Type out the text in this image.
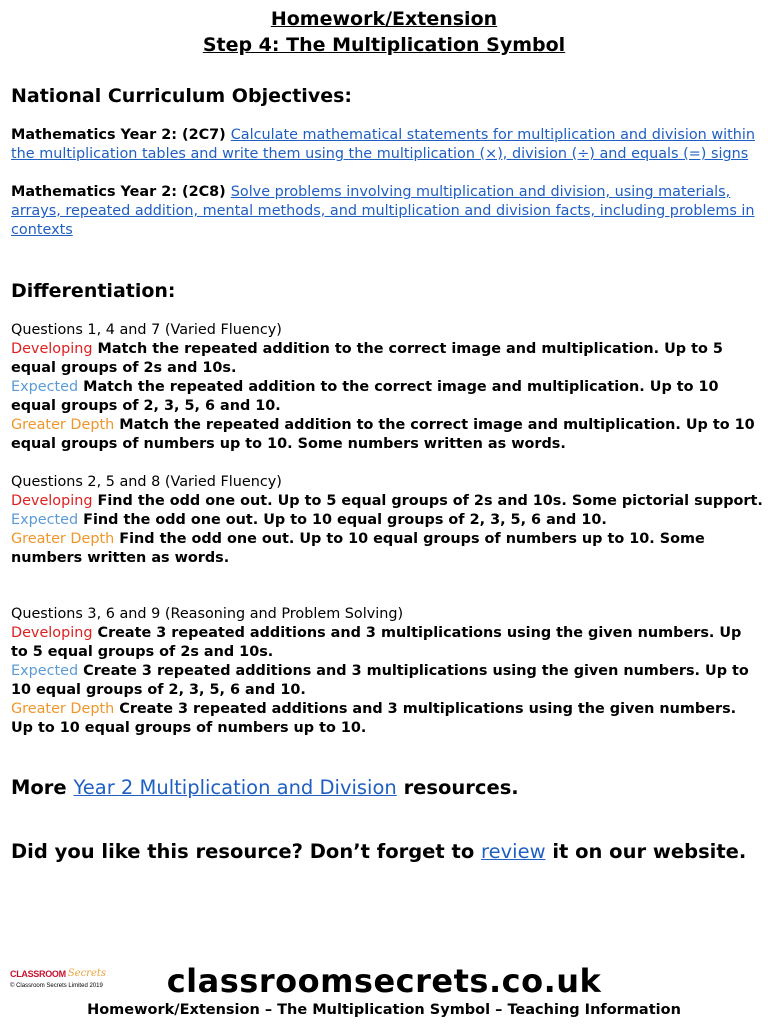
Homework/Extension
Step 4: The Multiplication Symbol
National Curriculum Objectives:
Mathematics Year 2: (2C7) Calculate mathematical statements for multiplication and division within the multiplication tables and write them using the multiplication (×), division (÷) and equals (=) signs
Mathematics Year 2: (2C8) Solve problems involving multiplication and division, using materials, arrays, repeated addition, mental methods, and multiplication and division facts, including problems in contexts
Differentiation:
Questions 1, 4 and 7 (Varied Fluency)
Developing Match the repeated addition to the correct image and multiplication. Up to 5 equal groups of 2s and 10s.
Expected Match the repeated addition to the correct image and multiplication. Up to 10 equal groups of 2, 3, 5, 6 and 10.
Greater Depth Match the repeated addition to the correct image and multiplication. Up to 10 equal groups of numbers up to 10. Some numbers written as words.
Questions 2, 5 and 8 (Varied Fluency)
Developing Find the odd one out. Up to 5 equal groups of 2s and 10s. Some pictorial support.
Expected Find the odd one out. Up to 10 equal groups of 2, 3, 5, 6 and 10.
Greater Depth Find the odd one out. Up to 10 equal groups of numbers up to 10. Some numbers written as words.
Questions 3, 6 and 9 (Reasoning and Problem Solving)
Developing Create 3 repeated additions and 3 multiplications using the given numbers. Up to 5 equal groups of 2s and 10s.
Expected Create 3 repeated additions and 3 multiplications using the given numbers. Up to 10 equal groups of 2, 3, 5, 6 and 10.
Greater Depth Create 3 repeated additions and 3 multiplications using the given numbers. Up to 10 equal groups of numbers up to 10.
More Year 2 Multiplication and Division resources.
Did you like this resource? Don’t forget to review it on our website.
CLASSROOM Secrets
© Classroom Secrets Limited 2019	classroomsecrets.co.uk
Homework/Extension – The Multiplication Symbol – Teaching Information
